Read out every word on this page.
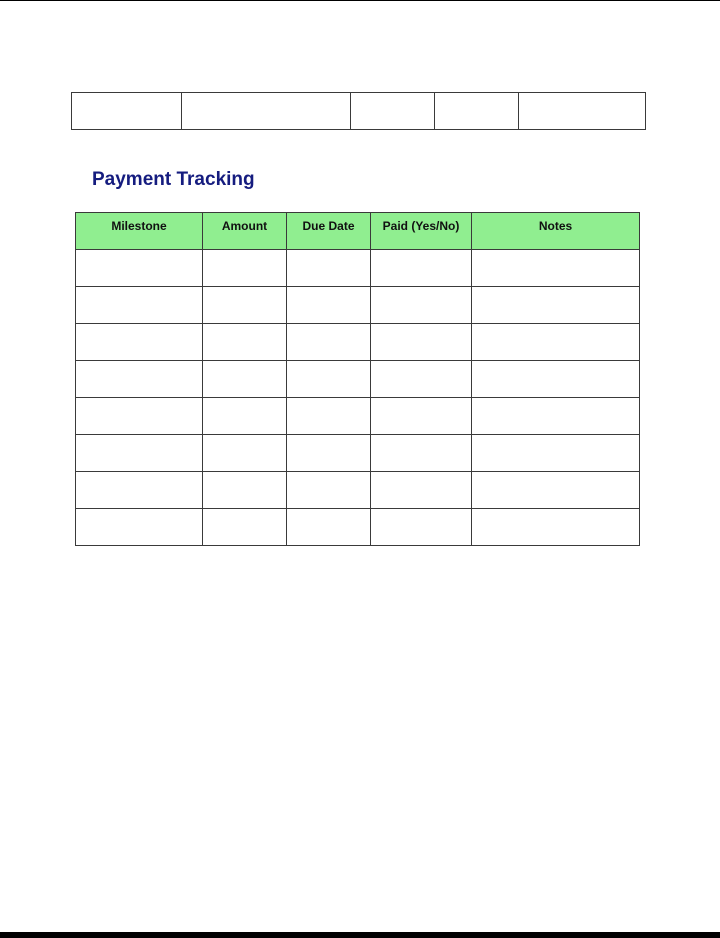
Payment Tracking
Milestone	Amount	Due Date	Paid (Yes/No)	Notes
